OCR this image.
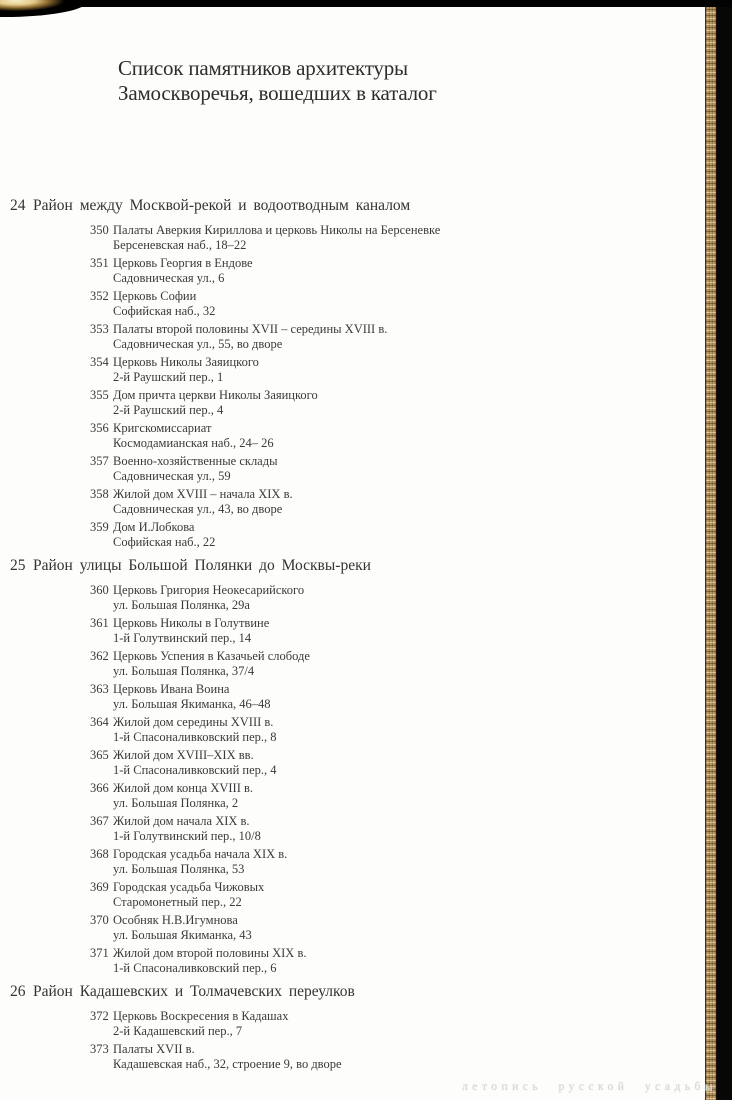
Список памятников архитектуры
Замоскворечья, вошедших в каталог
24 Район между Москвой-рекой и водоотводным каналом
350 Палаты Аверкия Кириллова и церковь Николы на Берсеневке
Берсеневская наб., 18–22
351 Церковь Георгия в Ендове
Садовническая ул., 6
352 Церковь Софии
Софийская наб., 32
353 Палаты второй половины XVII – середины XVIII в.
Садовническая ул., 55, во дворе
354 Церковь Николы Заяицкого
2-й Раушский пер., 1
355 Дом причта церкви Николы Заяицкого
2-й Раушский пер., 4
356 Кригскомиссариат
Космодамианская наб., 24– 26
357 Военно-хозяйственные склады
Садовническая ул., 59
358 Жилой дом XVIII – начала XIX в.
Садовническая ул., 43, во дворе
359 Дом И.Лобкова
Софийская наб., 22
25 Район улицы Большой Полянки до Москвы-реки
360 Церковь Григория Неокесарийского
ул. Большая Полянка, 29а
361 Церковь Николы в Голутвине
1-й Голутвинский пер., 14
362 Церковь Успения в Казачьей слободе
ул. Большая Полянка, 37/4
363 Церковь Ивана Воина
ул. Большая Якиманка, 46–48
364 Жилой дом середины XVIII в.
1-й Спасоналивковский пер., 8
365 Жилой дом XVIII–XIX вв.
1-й Спасоналивковский пер., 4
366 Жилой дом конца XVIII в.
ул. Большая Полянка, 2
367 Жилой дом начала XIX в.
1-й Голутвинский пер., 10/8
368 Городская усадьба начала XIX в.
ул. Большая Полянка, 53
369 Городская усадьба Чижовых
Старомонетный пер., 22
370 Особняк Н.В.Игумнова
ул. Большая Якиманка, 43
371 Жилой дом второй половины XIX в.
1-й Спасоналивковский пер., 6
26 Район Кадашевских и Толмачевских переулков
372 Церковь Воскресения в Кадашах
2-й Кадашевский пер., 7
373 Палаты XVII в.
Кадашевская наб., 32, строение 9, во дворе
летопись русской усадьбы
